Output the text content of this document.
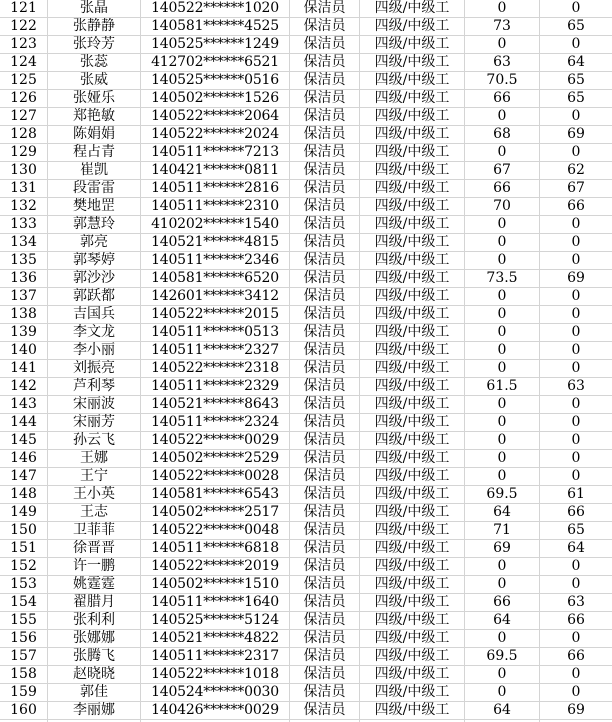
121	张晶	140522******1020	保洁员	四级/中级工	0	0
122	张静静	140581******4525	保洁员	四级/中级工	73	65
123	张玲芳	140525******1249	保洁员	四级/中级工	0	0
124	张蕊	412702******6521	保洁员	四级/中级工	63	64
125	张威	140525******0516	保洁员	四级/中级工	70.5	65
126	张娅乐	140502******1526	保洁员	四级/中级工	66	65
127	郑艳敏	140522******2064	保洁员	四级/中级工	0	0
128	陈娟娟	140522******2024	保洁员	四级/中级工	68	69
129	程占青	140511******7213	保洁员	四级/中级工	0	0
130	崔凯	140421******0811	保洁员	四级/中级工	67	62
131	段雷雷	140511******2816	保洁员	四级/中级工	66	67
132	樊地罡	140511******2310	保洁员	四级/中级工	70	66
133	郭慧玲	410202******1540	保洁员	四级/中级工	0	0
134	郭亮	140521******4815	保洁员	四级/中级工	0	0
135	郭琴婷	140511******2346	保洁员	四级/中级工	0	0
136	郭沙沙	140581******6520	保洁员	四级/中级工	73.5	69
137	郭跃都	142601******3412	保洁员	四级/中级工	0	0
138	吉国兵	140522******2015	保洁员	四级/中级工	0	0
139	李文龙	140511******0513	保洁员	四级/中级工	0	0
140	李小丽	140511******2327	保洁员	四级/中级工	0	0
141	刘振亮	140522******2318	保洁员	四级/中级工	0	0
142	芦利琴	140511******2329	保洁员	四级/中级工	61.5	63
143	宋丽波	140521******8643	保洁员	四级/中级工	0	0
144	宋丽芳	140511******2324	保洁员	四级/中级工	0	0
145	孙云飞	140522******0029	保洁员	四级/中级工	0	0
146	王娜	140502******2529	保洁员	四级/中级工	0	0
147	王宁	140522******0028	保洁员	四级/中级工	0	0
148	王小英	140581******6543	保洁员	四级/中级工	69.5	61
149	王志	140502******2517	保洁员	四级/中级工	64	66
150	卫菲菲	140522******0048	保洁员	四级/中级工	71	65
151	徐晋晋	140511******6818	保洁员	四级/中级工	69	64
152	许一鹏	140522******2019	保洁员	四级/中级工	0	0
153	姚霆霆	140502******1510	保洁员	四级/中级工	0	0
154	翟腊月	140511******1640	保洁员	四级/中级工	66	63
155	张利利	140525******5124	保洁员	四级/中级工	64	66
156	张娜娜	140521******4822	保洁员	四级/中级工	0	0
157	张腾飞	140511******2317	保洁员	四级/中级工	69.5	66
158	赵晓晓	140522******1018	保洁员	四级/中级工	0	0
159	郭佳	140524******0030	保洁员	四级/中级工	0	0
160	李丽娜	140426******0029	保洁员	四级/中级工	64	69
